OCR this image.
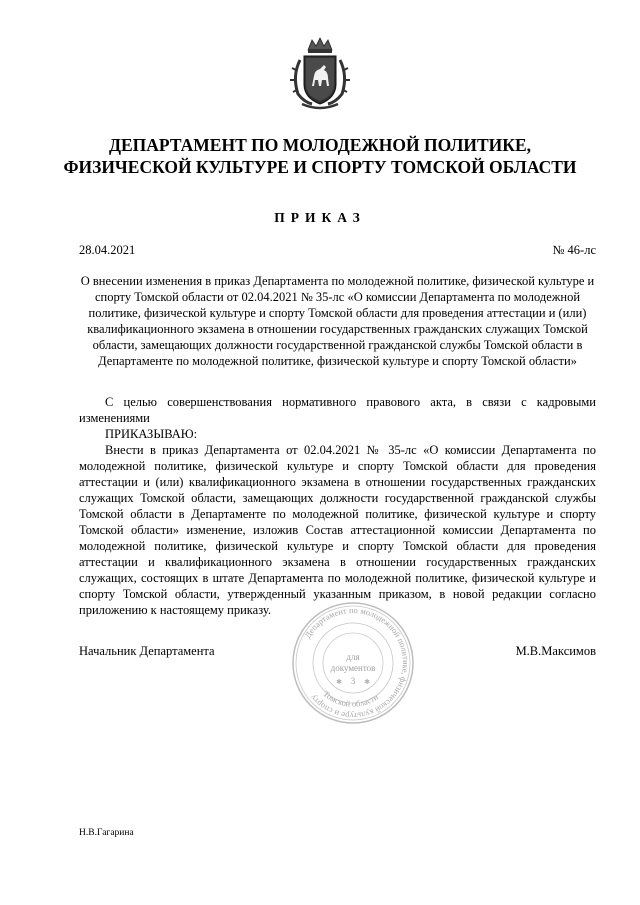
ДЕПАРТАМЕНТ ПО МОЛОДЕЖНОЙ ПОЛИТИКЕ,
ФИЗИЧЕСКОЙ КУЛЬТУРЕ И СПОРТУ ТОМСКОЙ ОБЛАСТИ
ПРИКАЗ
28.04.2021	№ 46-лс
О внесении изменения в приказ Департамента по молодежной политике, физической культуре и спорту Томской области от 02.04.2021 № 35-лс «О комиссии Департамента по молодежной политике, физической культуре и спорту Томской области для проведения аттестации и (или) квалификационного экзамена в отношении государственных гражданских служащих Томской области, замещающих должности государственной гражданской службы Томской области в Департаменте по молодежной политике, физической культуре и спорту Томской области»

С целью совершенствования нормативного правового акта, в связи с кадровыми изменениями

ПРИКАЗЫВАЮ:

Внести в приказ Департамента от 02.04.2021 № 35-лс «О комиссии Департамента по молодежной политике, физической культуре и спорту Томской области для проведения аттестации и (или) квалификационного экзамена в отношении государственных гражданских служащих Томской области, замещающих должности государственной гражданской службы Томской области в Департаменте по молодежной политике, физической культуре и спорту Томской области» изменение, изложив Состав аттестационной комиссии Департамента по молодежной политике, физической культуре и спорту Томской области для проведения аттестации и квалификационного экзамена в отношении государственных гражданских служащих, состоящих в штате Департамента по молодежной политике, физической культуре и спорту Томской области, утвержденный указанным приказом, в новой редакции согласно приложению к настоящему приказу.

Начальник Департамента	М.В.Максимов
Департамент по молодежной политике, физической культуре и спорту Томской области
для
документов
3
✱	✱
Н.В.Гагарина
